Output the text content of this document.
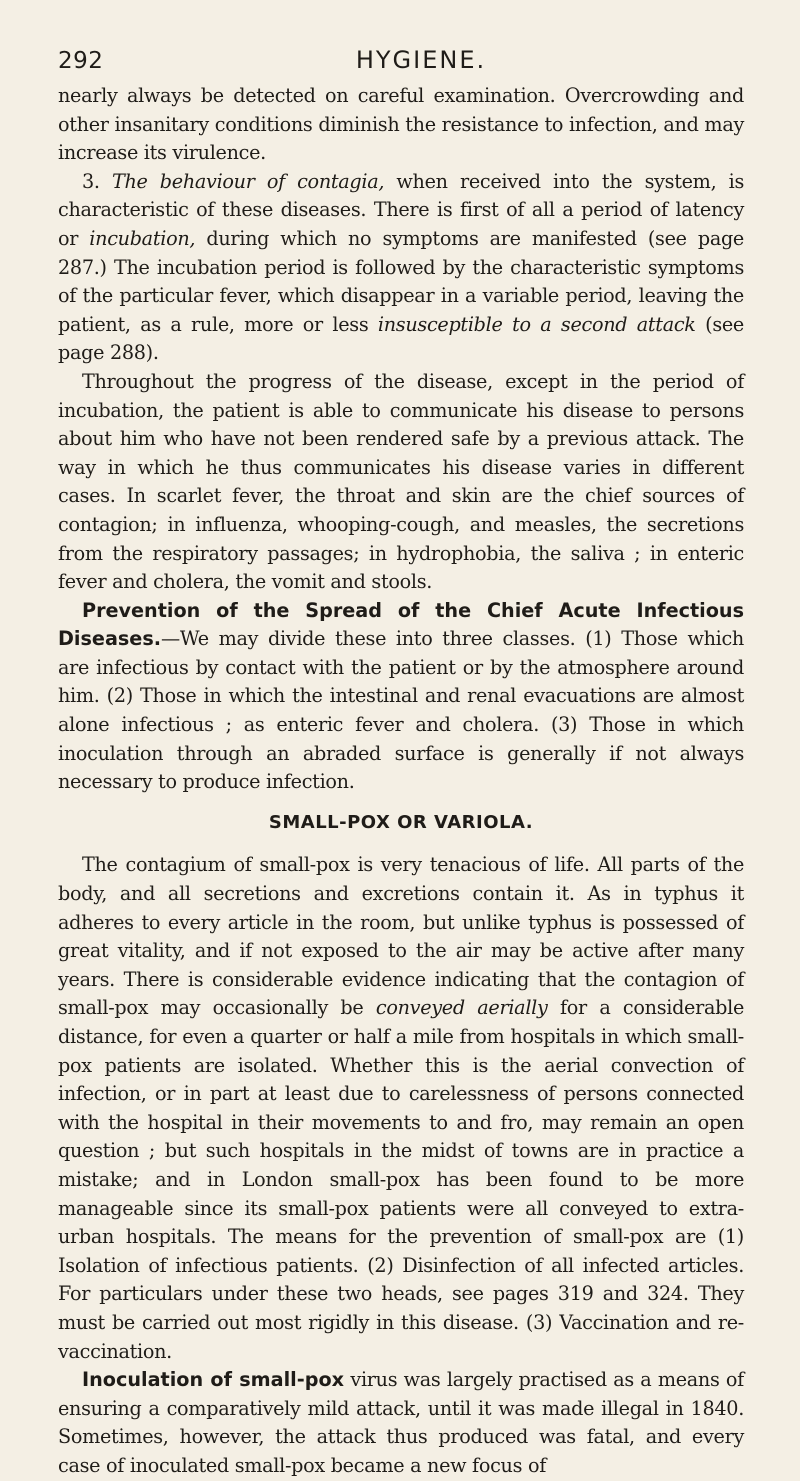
292	HYGIENE.

nearly always be detected on careful examination. Overcrowding and other insanitary conditions diminish the resistance to infection, and may increase its virulence.

3. The behaviour of contagia, when received into the system, is characteristic of these diseases. There is first of all a period of latency or incubation, during which no symptoms are manifested (see page 287.) The incubation period is followed by the characteristic symptoms of the particular fever, which disappear in a variable period, leaving the patient, as a rule, more or less insusceptible to a second attack (see page 288).

Throughout the progress of the disease, except in the period of incubation, the patient is able to communicate his disease to persons about him who have not been rendered safe by a previous attack. The way in which he thus communicates his disease varies in different cases. In scarlet fever, the throat and skin are the chief sources of contagion; in influenza, whooping-cough, and measles, the secretions from the respiratory passages; in hydrophobia, the saliva ; in enteric fever and cholera, the vomit and stools.

Prevention of the Spread of the Chief Acute Infectious Diseases.—We may divide these into three classes. (1) Those which are infectious by contact with the patient or by the atmosphere around him. (2) Those in which the intestinal and renal evacuations are almost alone infectious ; as enteric fever and cholera. (3) Those in which inoculation through an abraded surface is generally if not always necessary to produce infection.

SMALL-POX OR VARIOLA.

The contagium of small-pox is very tenacious of life. All parts of the body, and all secretions and excretions contain it. As in typhus it adheres to every article in the room, but unlike typhus is possessed of great vitality, and if not exposed to the air may be active after many years. There is considerable evidence indicating that the contagion of small-pox may occasionally be conveyed aerially for a considerable distance, for even a quarter or half a mile from hospitals in which small-pox patients are isolated. Whether this is the aerial convection of infection, or in part at least due to carelessness of persons connected with the hospital in their movements to and fro, may remain an open question ; but such hospitals in the midst of towns are in practice a mistake; and in London small-pox has been found to be more manageable since its small-pox patients were all conveyed to extra-urban hospitals. The means for the prevention of small-pox are (1) Isolation of infectious patients. (2) Disinfection of all infected articles. For particulars under these two heads, see pages 319 and 324. They must be carried out most rigidly in this disease. (3) Vaccination and re-vaccination.

Inoculation of small-pox virus was largely practised as a means of ensuring a comparatively mild attack, until it was made illegal in 1840. Sometimes, however, the attack thus produced was fatal, and every case of inoculated small-pox became a new focus of
